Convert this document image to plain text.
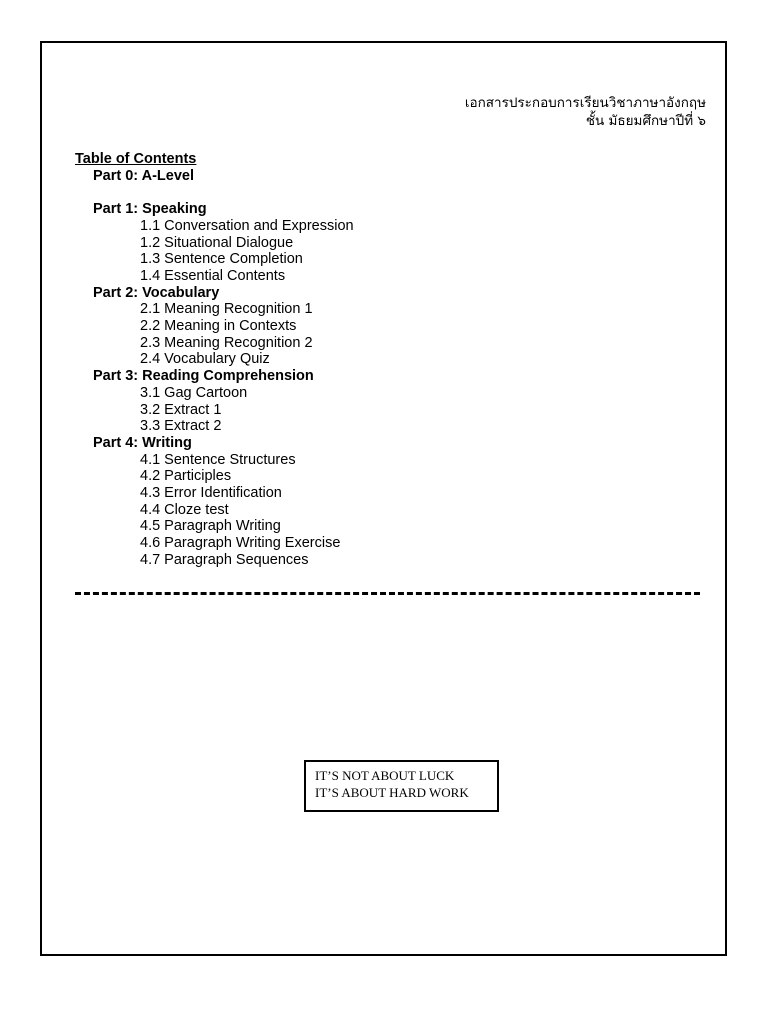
เอกสารประกอบการเรียนวิชาภาษาอังกฤษ
ชั้น มัธยมศึกษาปีที่ ๖
Table of Contents
Part 0: A-Level
Part 1: Speaking
1.1 Conversation and Expression
1.2 Situational Dialogue
1.3 Sentence Completion
1.4 Essential Contents
Part 2: Vocabulary
2.1 Meaning Recognition 1
2.2 Meaning in Contexts
2.3 Meaning Recognition 2
2.4 Vocabulary Quiz
Part 3: Reading Comprehension
3.1 Gag Cartoon
3.2 Extract 1
3.3 Extract 2
Part 4: Writing
4.1 Sentence Structures
4.2 Participles
4.3 Error Identification
4.4 Cloze test
4.5 Paragraph Writing
4.6 Paragraph Writing Exercise
4.7 Paragraph Sequences
IT’S NOT ABOUT LUCK
IT’S ABOUT HARD WORK
